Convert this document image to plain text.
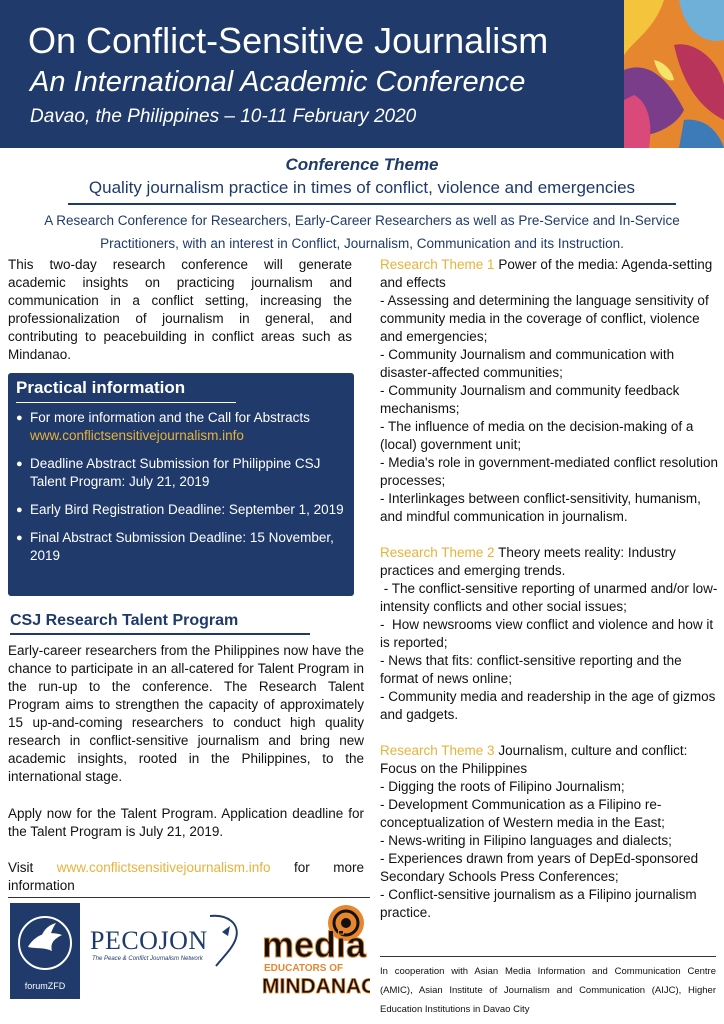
On Conflict-Sensitive Journalism
An International Academic Conference
Davao, the Philippines – 10-11 February 2020
Conference Theme
Quality journalism practice in times of conflict, violence and emergencies
A Research Conference for Researchers, Early-Career Researchers as well as Pre-Service and In-Service Practitioners, with an interest in Conflict, Journalism, Communication and its Instruction.

This two-day research conference will generate academic insights on practicing journalism and communication in a conflict setting, increasing the professionalization of journalism in general, and contributing to peacebuilding in conflict areas such as Mindanao.

Practical information
● For more information and the Call for Abstracts
www.conflictsensitivejournalism.info
● Deadline Abstract Submission for Philippine CSJ Talent Program: July 21, 2019
● Early Bird Registration Deadline: September 1, 2019
● Final Abstract Submission Deadline: 15 November, 2019
CSJ Research Talent Program

Early-career researchers from the Philippines now have the chance to participate in an all-catered for Talent Program in the run-up to the conference. The Research Talent Program aims to strengthen the capacity of approximately 15 up-and-coming researchers to conduct high quality research in conflict-sensitive journalism and bring new academic insights, rooted in the Philippines, to the international stage.

Apply now for the Talent Program. Application deadline for the Talent Program is July 21, 2019.

Visit www.conflictsensitivejournalism.info for more

information
forumZFD
PECOJON
The Peace & Conflict Journalism Network media
EDUCATORS OF
MINDANAO
Research Theme 1 Power of the media: Agenda-setting and effects
- Assessing and determining the language sensitivity of community media in the coverage of conflict, violence and emergencies;
- Community Journalism and communication with disaster-affected communities;
- Community Journalism and community feedback mechanisms;
- The influence of media on the decision-making of a (local) government unit;
- Media's role in government-mediated conflict resolution processes;
- Interlinkages between conflict-sensitivity, humanism, and mindful communication in journalism.
Research Theme 2 Theory meets reality: Industry practices and emerging trends.
- The conflict-sensitive reporting of unarmed and/or low-intensity conflicts and other social issues;
-  How newsrooms view conflict and violence and how it is reported;
- News that fits: conflict-sensitive reporting and the format of news online;
- Community media and readership in the age of gizmos and gadgets.
Research Theme 3 Journalism, culture and conflict: Focus on the Philippines
- Digging the roots of Filipino Journalism;
- Development Communication as a Filipino re-conceptualization of Western media in the East;
- News-writing in Filipino languages and dialects;
- Experiences drawn from years of DepEd-sponsored Secondary Schools Press Conferences;
- Conflict-sensitive journalism as a Filipino journalism practice.

In cooperation with Asian Media Information and Communication Centre (AMIC), Asian Institute of Journalism and Communication (AIJC), Higher Education Institutions in Davao City
